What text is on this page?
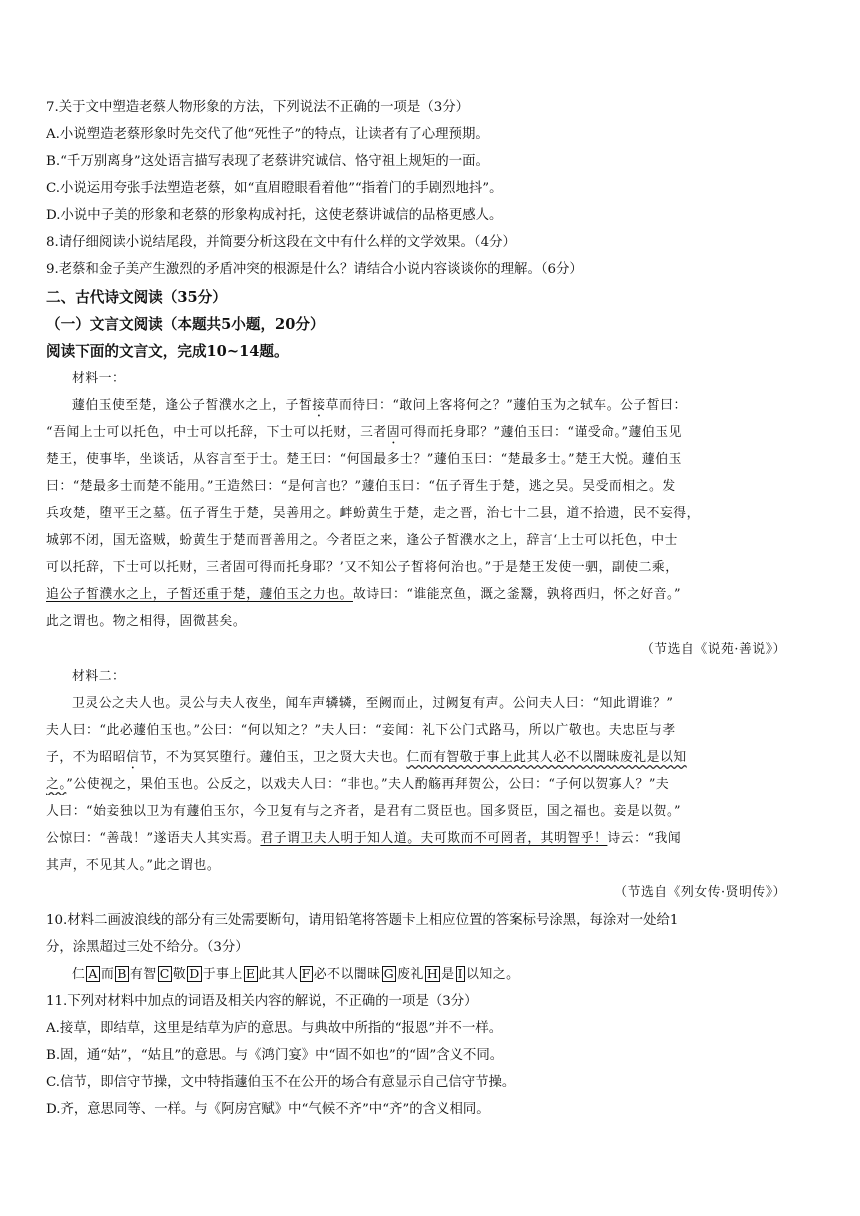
7.关于文中塑造老蔡人物形象的方法，下列说法不正确的一项是（3分）
A.小说塑造老蔡形象时先交代了他“死性子”的特点，让读者有了心理预期。
B.“千万别离身”这处语言描写表现了老蔡讲究诚信、恪守祖上规矩的一面。
C.小说运用夸张手法塑造老蔡，如“直眉瞪眼看着他”“指着门的手剧烈地抖”。
D.小说中子美的形象和老蔡的形象构成衬托，这使老蔡讲诚信的品格更感人。
8.请仔细阅读小说结尾段，并简要分析这段在文中有什么样的文学效果。（4分）
9.老蔡和金子美产生激烈的矛盾冲突的根源是什么？请结合小说内容谈谈你的理解。（6分）
二、古代诗文阅读（35分）
（一）文言文阅读（本题共5小题，20分）
阅读下面的文言文，完成10~14题。
材料一：
蘧伯玉使至楚，逢公子皙濮水之上，子皙接草而待曰：“敢问上客将何之？”蘧伯玉为之轼车。公子皙曰：
“吾闻上士可以托色，中士可以托辞，下士可以托财，三者固可得而托身耶？”蘧伯玉曰：“谨受命。”蘧伯玉见
楚王，使事毕，坐谈话，从容言至于士。楚王曰：“何国最多士？”蘧伯玉曰：“楚最多士。”楚王大悦。蘧伯玉
曰：“楚最多士而楚不能用。”王造然曰：“是何言也？”蘧伯玉曰：“伍子胥生于楚，逃之吴。吴受而相之。发
兵攻楚，堕平王之墓。伍子胥生于楚，吴善用之。衅蚡黄生于楚，走之晋，治七十二县，道不拾遗，民不妄得，
城郭不闭，国无盗贼，蚡黄生于楚而晋善用之。今者臣之来，逢公子皙濮水之上，辞言‘上士可以托色，中士
可以托辞，下士可以托财，三者固可得而托身耶？’又不知公子皙将何治也。”于是楚王发使一驷，副使二乘，
追公子皙濮水之上，子皙还重于楚，蘧伯玉之力也。故诗曰：“谁能烹鱼，溉之釜鬵，孰将西归，怀之好音。”
此之谓也。物之相得，固微甚矣。
（节选自《说苑·善说》）
材料二：
卫灵公之夫人也。灵公与夫人夜坐，闻车声辚辚，至阙而止，过阙复有声。公问夫人曰：“知此谓谁？”
夫人曰：“此必蘧伯玉也。”公曰：“何以知之？”夫人曰：“妾闻：礼下公门式路马，所以广敬也。夫忠臣与孝
子，不为昭昭信节，不为冥冥堕行。蘧伯玉，卫之贤大夫也。仁而有智敬于事上此其人必不以闇昧废礼是以知
之。”公使视之，果伯玉也。公反之，以戏夫人曰：“非也。”夫人酌觞再拜贺公，公曰：“子何以贺寡人？”夫
人曰：“始妾独以卫为有蘧伯玉尔，今卫复有与之齐者，是君有二贤臣也。国多贤臣，国之福也。妾是以贺。”
公惊曰：“善哉！”遂语夫人其实焉。君子谓卫夫人明于知人道。夫可欺而不可罔者，其明智乎！诗云：“我闻
其声，不见其人。”此之谓也。
（节选自《列女传·贤明传》）
10.材料二画波浪线的部分有三处需要断句，请用铅笔将答题卡上相应位置的答案标号涂黑，每涂对一处给1
分，涂黑超过三处不给分。（3分）
仁 A 而 B 有智 C 敬 D 于事上 E 此其人 F 必不以闇昧 G 废礼 H 是 I 以知之。
11.下列对材料中加点的词语及相关内容的解说，不正确的一项是（3分）
A.接草，即结草，这里是结草为庐的意思。与典故中所指的“报恩”并不一样。
B.固，通“姑”，“姑且”的意思。与《鸿门宴》中“固不如也”的“固”含义不同。
C.信节，即信守节操，文中特指蘧伯玉不在公开的场合有意显示自己信守节操。
D.齐，意思同等、一样。与《阿房宫赋》中“气候不齐”中“齐”的含义相同。
